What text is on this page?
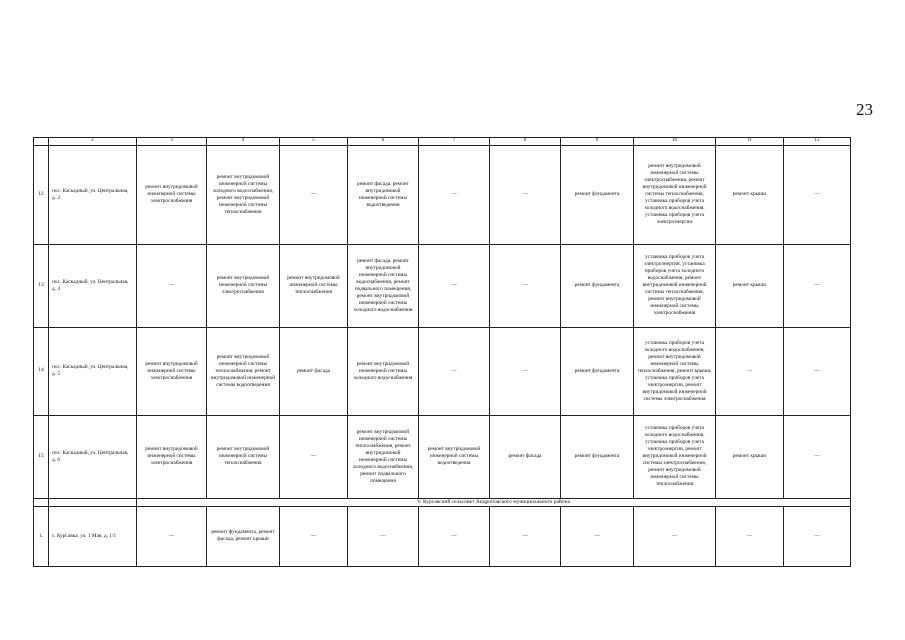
23
	2	3	4	5	6	7	8	9	10	11	12
12	пос. Каскадный, ул. Центральная, д. 2	ремонт внутридомовой инженерной системы электроснабжения	ремонт внутридомовой инженерной системы холодного водоснабжения, ремонт внутридомовой инженерной системы теплоснабжения	—	ремонт фасада, ремонт внутридомовой инженерной системы водоотведения	—	—	ремонт фундамента	ремонт внутридомовой инженерной системы электроснабжения, ремонт внутридомовой инженерной системы теплоснабжения, установка приборов учета холодного водоснабжения, установка приборов учета электроэнергии	ремонт крыши	—
13	пос. Каскадный, ул. Центральная, д. 4	—	ремонт внутридомовой инженерной системы электроснабжения	ремонт внутридомовой инженерной системы теплоснабжения	ремонт фасада, ремонт внутридомовой инженерной системы водоснабжения, ремонт подвального помещения, ремонт внутридомовой инженерной системы холодного водоснабжения	—	—	ремонт фундамента	установка приборов учета электроэнергии, установка приборов учета холодного водоснабжения, ремонт внутридомовой инженерной системы теплоснабжения, ремонт внутридомовой инженерной системы электроснабжения	ремонт крыши	—
14	пос. Каскадный, ул. Центральная, д. 5	ремонт внутридомовой инженерной системы электроснабжения	ремонт внутридомовой инженерной системы теплоснабжения, ремонт внутридомовой инженерной системы водоотведения	ремонт фасада	ремонт внутридомовой инженерной системы холодного водоснабжения	—	—	ремонт фундамента	установка приборов учета холодного водоснабжения, ремонт внутридомовой инженерной системы теплоснабжения, ремонт крыши, установка приборов учета электроэнергии, ремонт внутридомовой инженерной системы электроснабжения	—	—
15	пос. Каскадный, ул. Центральная, д. 6	ремонт внутридомовой инженерной системы электроснабжения	ремонт внутридомовой инженерной системы теплоснабжения	—	ремонт внутридомовой инженерной системы теплоснабжения, ремонт внутридомовой инженерной системы холодного водоснабжения, ремонт подвального помещения	ремонт внутридомовой инженерной системы водоотведения	ремонт фасада	ремонт фундамента	установка приборов учета холодного водоснабжения, установка приборов учета электроэнергии, ремонт внутридомовой инженерной системы электроснабжения, ремонт внутридомовой инженерной системы теплоснабжения	ремонт крыши	—
		V. Курсавский сельсовет Андроповского муниципального района									
1.	с. Курсавка, ул. 1 Мая, д. 1/1	—	ремонт фундамента, ремонт фасада, ремонт крыши	—	—	—	—	—	—	—	—
